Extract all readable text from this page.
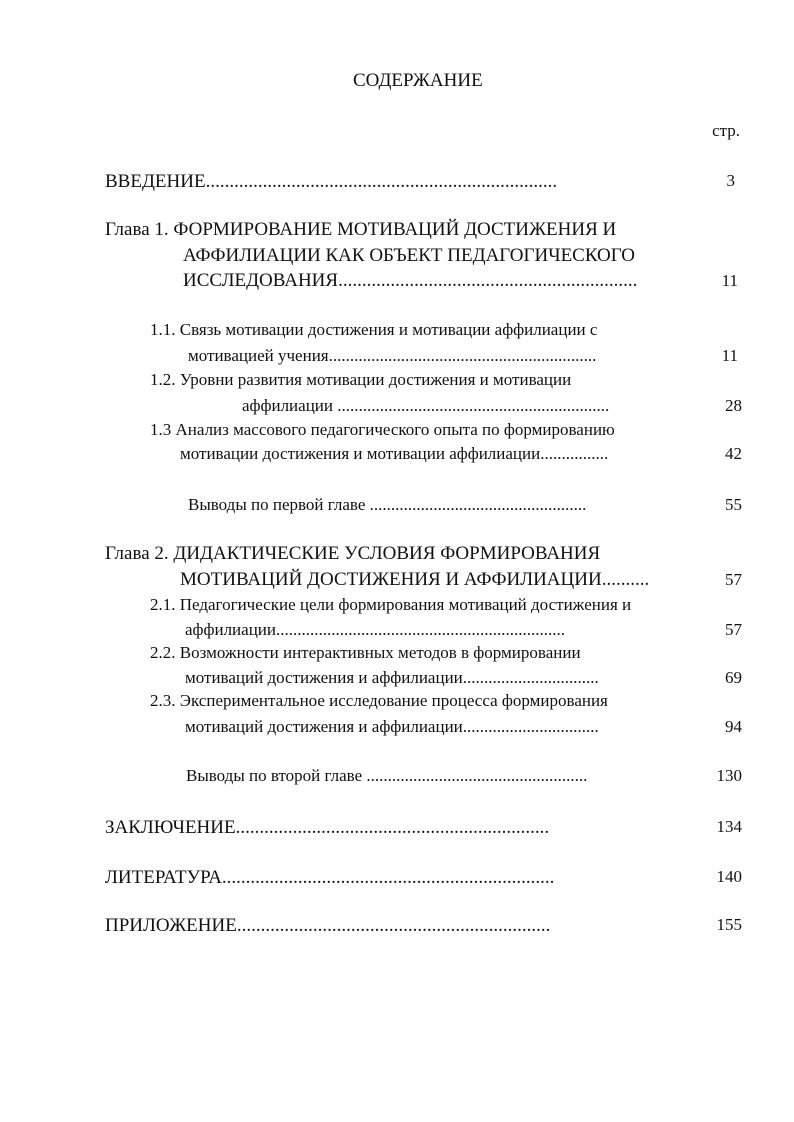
СОДЕРЖАНИЕ
стр.
ВВЕДЕНИЕ..........................................................................	3
Глава 1. ФОРМИРОВАНИЕ МОТИВАЦИЙ ДОСТИЖЕНИЯ И
АФФИЛИАЦИИ КАК ОБЪЕКТ ПЕДАГОГИЧЕСКОГО
ИССЛЕДОВАНИЯ...............................................................	11
1.1. Связь мотивации достижения и мотивации аффилиации с
мотивацией учения...............................................................	11
1.2. Уровни развития мотивации достижения и мотивации
аффилиации ................................................................	28
1.3 Анализ массового педагогического опыта по формированию
мотивации достижения и мотивации аффилиации................	42
Выводы по первой главе ...................................................	55
Глава 2. ДИДАКТИЧЕСКИЕ УСЛОВИЯ ФОРМИРОВАНИЯ
МОТИВАЦИЙ ДОСТИЖЕНИЯ И АФФИЛИАЦИИ..........	57
2.1. Педагогические цели формирования мотиваций достижения и
аффилиации....................................................................	57
2.2. Возможности интерактивных методов в формировании
мотиваций достижения и аффилиации................................	69
2.3. Экспериментальное исследование процесса формирования
мотиваций достижения и аффилиации................................	94
Выводы по второй главе ....................................................	130
ЗАКЛЮЧЕНИЕ..................................................................	134
ЛИТЕРАТУРА......................................................................	140
ПРИЛОЖЕНИЕ..................................................................	155
